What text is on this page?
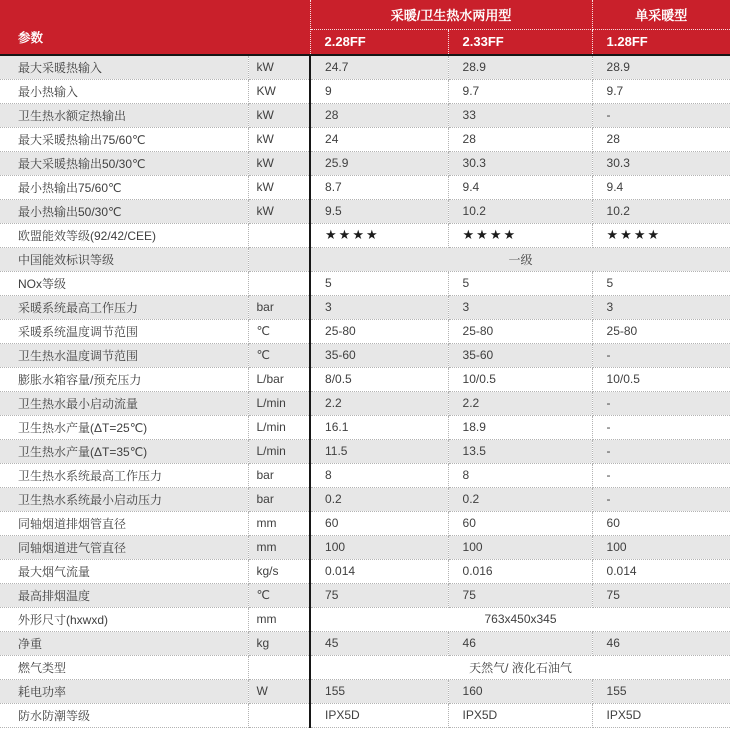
参数		采暖/卫生热水两用型		单采暖型
		2.28FF	2.33FF	1.28FF
最大采暖热输入	kW	24.7	28.9	28.9
最小热输入	KW	9	9.7	9.7
卫生热水额定热输出	kW	28	33	-
最大采暖热输出75/60℃	kW	24	28	28
最大采暖热输出50/30℃	kW	25.9	30.3	30.3
最小热输出75/60℃	kW	8.7	9.4	9.4
最小热输出50/30℃	kW	9.5	10.2	10.2
欧盟能效等级(92/42/CEE)		★★★★	★★★★	★★★★
中国能效标识等级		一级		
NOx等级		5	5	5
采暖系统最高工作压力	bar	3	3	3
采暖系统温度调节范围	℃	25-80	25-80	25-80
卫生热水温度调节范围	℃	35-60	35-60	-
膨胀水箱容量/预充压力	L/bar	8/0.5	10/0.5	10/0.5
卫生热水最小启动流量	L/min	2.2	2.2	-
卫生热水产量(ΔT=25℃)	L/min	16.1	18.9	-
卫生热水产量(ΔT=35℃)	L/min	11.5	13.5	-
卫生热水系统最高工作压力	bar	8	8	-
卫生热水系统最小启动压力	bar	0.2	0.2	-
同轴烟道排烟管直径	mm	60	60	60
同轴烟道进气管直径	mm	100	100	100
最大烟气流量	kg/s	0.014	0.016	0.014
最高排烟温度	℃	75	75	75
外形尺寸(hxwxd)	mm	763x450x345		
净重	kg	45	46	46
燃气类型		天然气/ 液化石油气		
耗电功率	W	155	160	155
防水防潮等级		IPX5D	IPX5D	IPX5D
